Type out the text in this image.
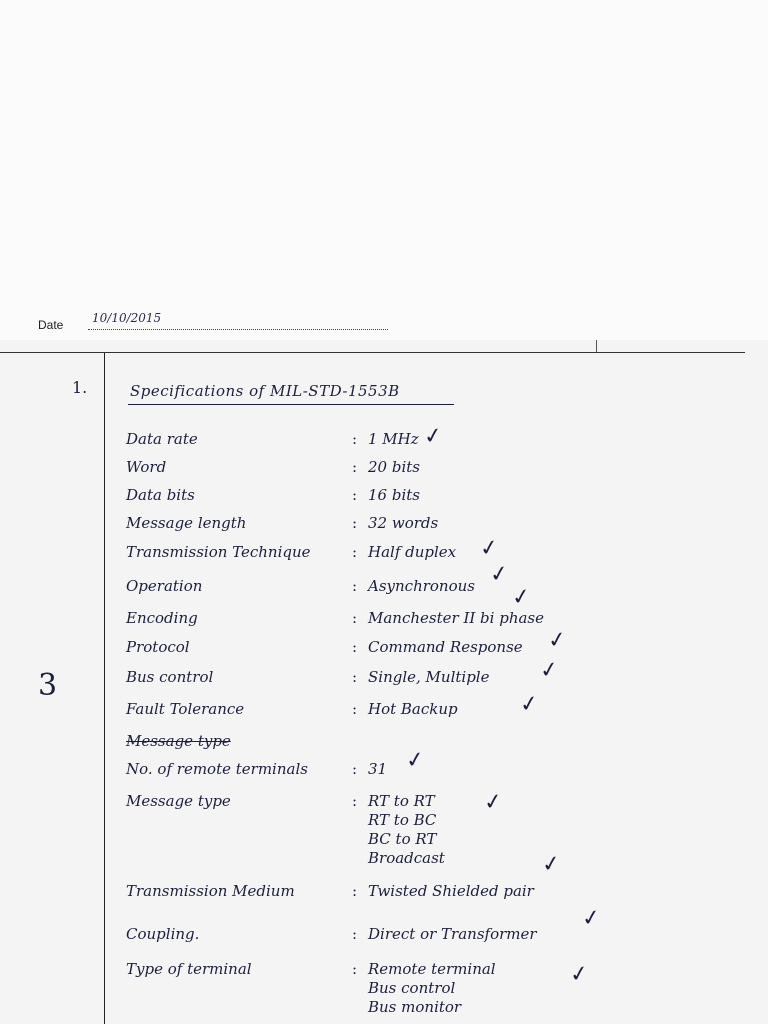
Date 10/10/2015
1.
3
Specifications of MIL-STD-1553B
Data rate	: 1 MHz
Word	: 20 bits
Data bits	: 16 bits
Message length	: 32 words
Transmission Technique	: Half duplex
Operation	: Asynchronous
Encoding	: Manchester II bi phase
Protocol	: Command Response
Bus control	: Single, Multiple
Fault Tolerance	: Hot Backup
Message type
No. of remote terminals	: 31
Message type	: RT to RT
RT to BC
BC to RT
Broadcast
Transmission Medium	: Twisted Shielded pair
Coupling.	: Direct or Transformer
Type of terminal	: Remote terminal
Bus control
Bus monitor
✓
✓
✓
✓
✓
✓
✓
✓
✓
✓
✓
✓
